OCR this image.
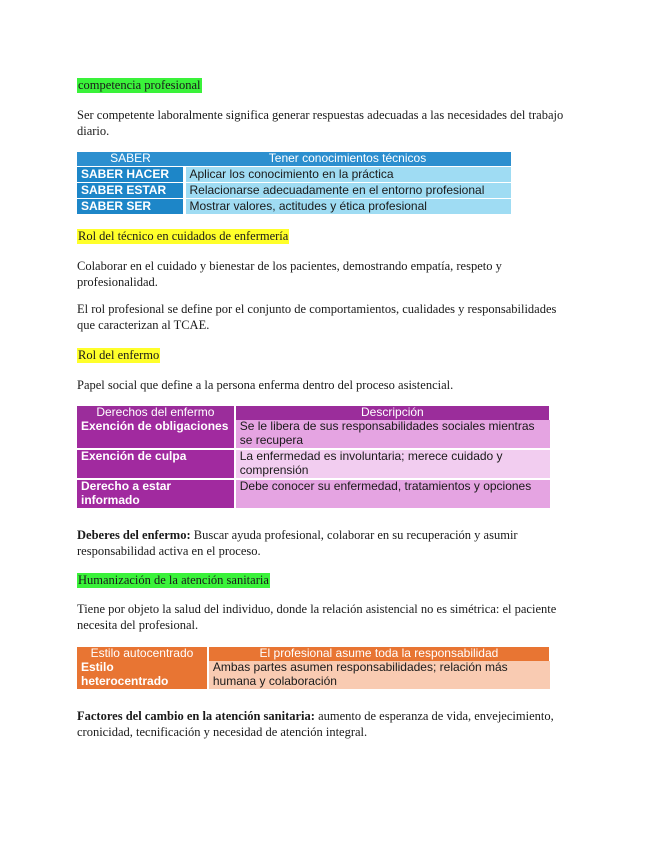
competencia profesional

Ser competente laboralmente significa generar respuestas adecuadas a las necesidades del trabajo diario.

SABER	Tener conocimientos técnicos
SABER HACER	Aplicar los conocimiento en la práctica
SABER ESTAR	Relacionarse adecuadamente en el entorno profesional
SABER SER	Mostrar valores, actitudes y ética profesional
Rol del técnico en cuidados de enfermería

Colaborar en el cuidado y bienestar de los pacientes, demostrando empatía, respeto y profesionalidad.

El rol profesional se define por el conjunto de comportamientos, cualidades y responsabilidades que caracterizan al TCAE.

Rol del enfermo

Papel social que define a la persona enferma dentro del proceso asistencial.

Derechos del enfermo	Descripción
Exención de obligaciones	Se le libera de sus responsabilidades sociales mientras se recupera
Exención de culpa	La enfermedad es involuntaria; merece cuidado y comprensión
Derecho a estar informado	Debe conocer su enfermedad, tratamientos y opciones

Deberes del enfermo: Buscar ayuda profesional, colaborar en su recuperación y asumir responsabilidad activa en el proceso.

Humanización de la atención sanitaria

Tiene por objeto la salud del individuo, donde la relación asistencial no es simétrica: el paciente necesita del profesional.

Estilo autocentrado	El profesional asume toda la responsabilidad
Estilo heterocentrado	Ambas partes asumen responsabilidades; relación más humana y colaboración

Factores del cambio en la atención sanitaria: aumento de esperanza de vida, envejecimiento, cronicidad, tecnificación y necesidad de atención integral.
